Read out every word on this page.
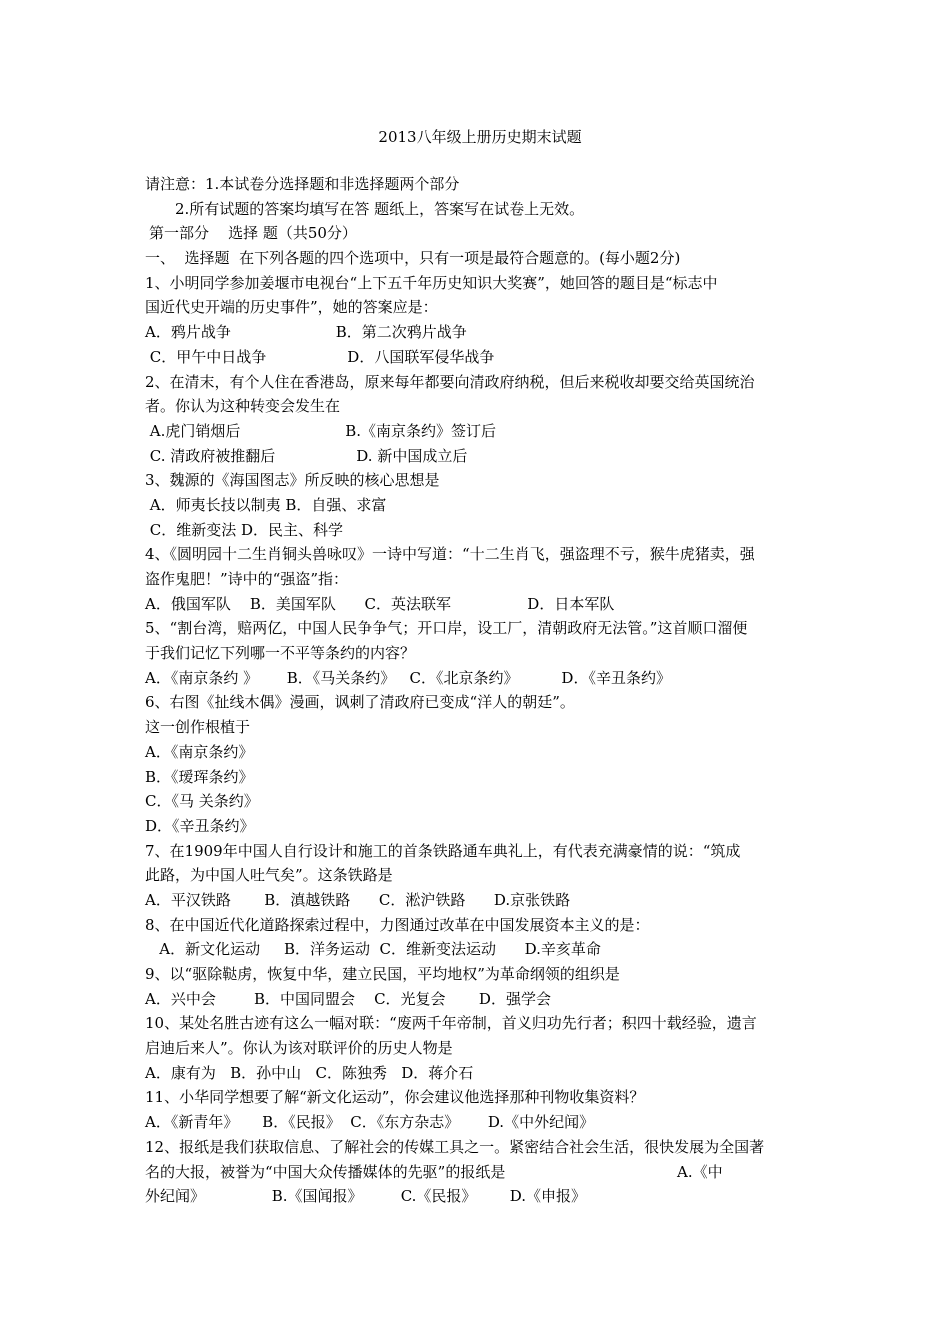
2013八年级上册历史期末试题
请注意：1.本试卷分选择题和非选择题两个部分
2.所有试题的答案均填写在答 题纸上，答案写在试卷上无效。
第一部分    选择 题（共50分）
一、  选择题  在下列各题的四个选项中，只有一项是最符合题意的。(每小题2分)
1、小明同学参加姜堰市电视台“上下五千年历史知识大奖赛”，她回答的题目是“标志中
国近代史开端的历史事件”，她的答案应是：
A．鸦片战争                      B．第二次鸦片战争
C．甲午中日战争                 D．八国联军侵华战争
2、在清末，有个人住在香港岛，原来每年都要向清政府纳税，但后来税收却要交给英国统治
者。你认为这种转变会发生在
A.虎门销烟后                      B.《南京条约》签订后
C. 清政府被推翻后                 D. 新中国成立后
3、魏源的《海国图志》所反映的核心思想是
A．师夷长技以制夷 B．自强、求富
C．维新变法 D．民主、科学
4、《圆明园十二生肖铜头兽咏叹》一诗中写道：“十二生肖飞，强盗理不亏，猴牛虎猪卖，强
盗作鬼肥！”诗中的“强盗”指：
A．俄国军队    B．美国军队      C．英法联军                D．日本军队
5、“割台湾，赔两亿，中国人民争争气；开口岸，设工厂，清朝政府无法管。”这首顺口溜便
于我们记忆下列哪一不平等条约的内容？
A．《南京条约 》      B．《马关条约》   C．《北京条约》         D．《辛丑条约》
6、右图《扯线木偶》漫画，讽刺了清政府已变成“洋人的朝廷”。
这一创作根植于
A．《南京条约》
B．《瑷珲条约》
C．《马 关条约》
D．《辛丑条约》
7、在1909年中国人自行设计和施工的首条铁路通车典礼上，有代表充满豪情的说：“筑成
此路，为中国人吐气矣”。这条铁路是
A．平汉铁路       B．滇越铁路      C．淞沪铁路      D.京张铁路
8、在中国近代化道路探索过程中，力图通过改革在中国发展资本主义的是：
A．新文化运动     B．洋务运动  C．维新变法运动      D.辛亥革命
9、以“驱除鞑虏，恢复中华，建立民国，平均地权”为革命纲领的组织是
A．兴中会        B．中国同盟会    C．光复会       D．强学会
10、某处名胜古迹有这么一幅对联：“废两千年帝制，首义归功先行者；积四十载经验，遗言
启迪后来人”。你认为该对联评价的历史人物是
A．康有为   B．孙中山   C．陈独秀   D．蒋介石
11、小华同学想要了解“新文化运动”，你会建议他选择那种刊物收集资料？
A．《新青年》     B．《民报》  C．《东方杂志》      D.《中外纪闻》
12、报纸是我们获取信息、了解社会的传媒工具之一。紧密结合社会生活，很快发展为全国著
名的大报，被誉为“中国大众传播媒体的先驱”的报纸是                                    A.《中
外纪闻》              B.《国闻报》        C.《民报》       D.《申报》
